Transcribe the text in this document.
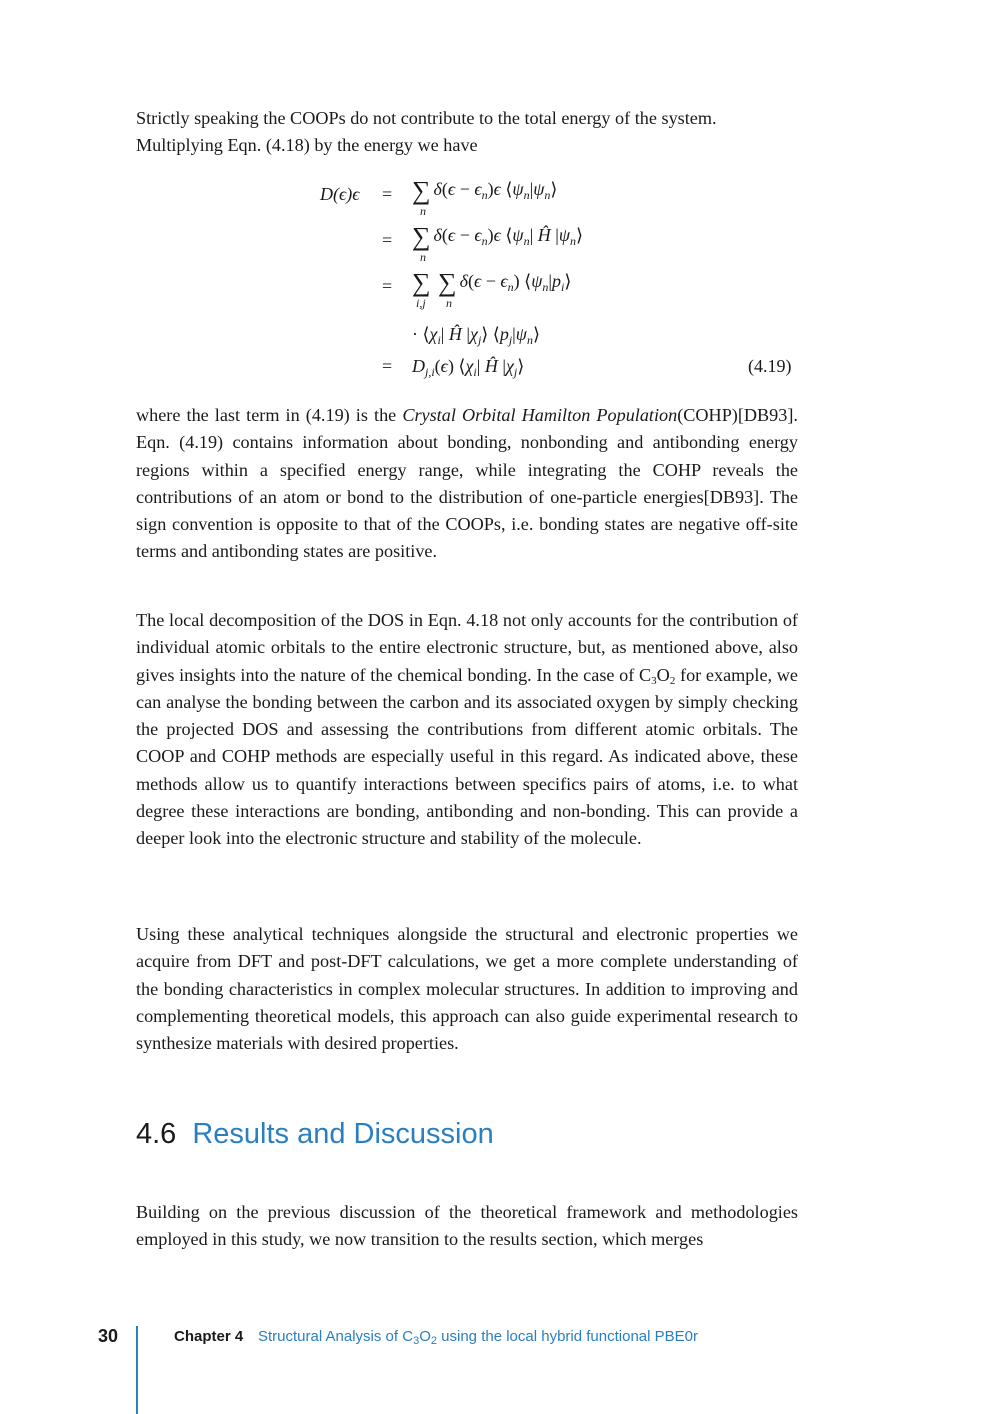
Strictly speaking the COOPs do not contribute to the total energy of the system.
Multiplying Eqn. (4.18) by the energy we have

D(ϵ)ϵ = ∑
n
$\delta(\epsilon - \epsilon_n)\epsilon$ $⟨\psi_n|\psi_n⟩$
= ∑
n
$\delta(\epsilon - \epsilon_n)\epsilon$ $⟨\psi_n|$ Ĥ $|\psi_n⟩$
= ∑
i,j
∑
n
$\delta(\epsilon - \epsilon_n)$ $⟨\psi_n|p_i⟩$
· $⟨\chi_i|$ Ĥ $|\chi_j⟩$ $⟨p_j|\psi_n⟩$
= $D_{j,i}(\epsilon)$ $⟨\chi_i|$ Ĥ $|\chi_j⟩$	(4.19)

where the last term in (4.19) is the Crystal Orbital Hamilton Population(COHP)[DB93]. Eqn. (4.19) contains information about bonding, nonbonding and antibonding energy regions within a specified energy range, while integrating the COHP reveals the contributions of an atom or bond to the distribution of one-particle energies[DB93]. The sign convention is opposite to that of the COOPs, i.e. bonding states are negative off-site terms and antibonding states are positive.

The local decomposition of the DOS in Eqn. 4.18 not only accounts for the contribution of individual atomic orbitals to the entire electronic structure, but, as mentioned above, also gives insights into the nature of the chemical bonding. In the case of $C_3O_2$ for example, we can analyse the bonding between the carbon and its associated oxygen by simply checking the projected DOS and assessing the contributions from different atomic orbitals. The COOP and COHP methods are especially useful in this regard. As indicated above, these methods allow us to quantify interactions between specifics pairs of atoms, i.e. to what degree these interactions are bonding, antibonding and non-bonding. This can provide a deeper look into the electronic structure and stability of the molecule.

Using these analytical techniques alongside the structural and electronic properties we acquire from DFT and post-DFT calculations, we get a more complete understanding of the bonding characteristics in complex molecular structures. In addition to improving and complementing theoretical models, this approach can also guide experimental research to synthesize materials with desired properties.

4.6 Results and Discussion

Building on the previous discussion of the theoretical framework and methodologies employed in this study, we now transition to the results section, which merges

30	Chapter 4 Structural Analysis of $C_3O_2$ using the local hybrid functional PBE0r
